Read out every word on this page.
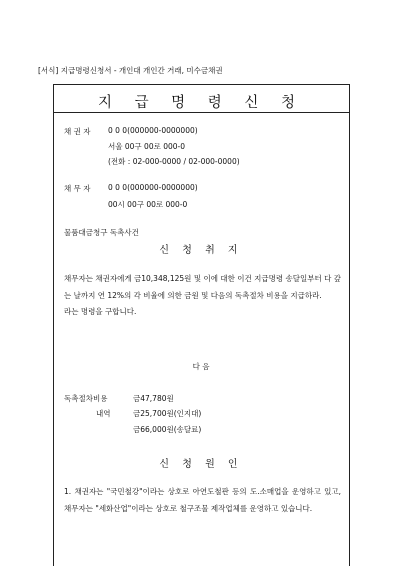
[서식] 지급명령신청서 - 개인대 개인간 거래, 미수금채권
지 급 명 령 신 청
채 권 자 0 0 0(000000-0000000)
서울 00구 00로 000-0
(전화 : 02-000-0000 / 02-000-0000)
채 무 자 0 0 0(000000-0000000)
00시 00구 00로 000-0
물품대금청구 독촉사건
신 청 취 지

채무자는 채권자에게 금10,348,125원 및 이에 대한 이건 지급명령 송달일부터 다 갚는 날까지 연 12%의 각 비율에 의한 금원 및 다음의 독촉절차 비용을 지급하라.

라는 명령을 구합니다.

다 음
독촉절차비용	금47,780원
내역	금25,700원(인지대)
금66,000원(송달료)
신 청 원 인

1. 채권자는 "국민철강"이라는 상호로 아연도철판 등의 도.소매업을 운영하고 있고, 채무자는 "세화산업"이라는 상호로 철구조물 제작업체를 운영하고 있습니다.
